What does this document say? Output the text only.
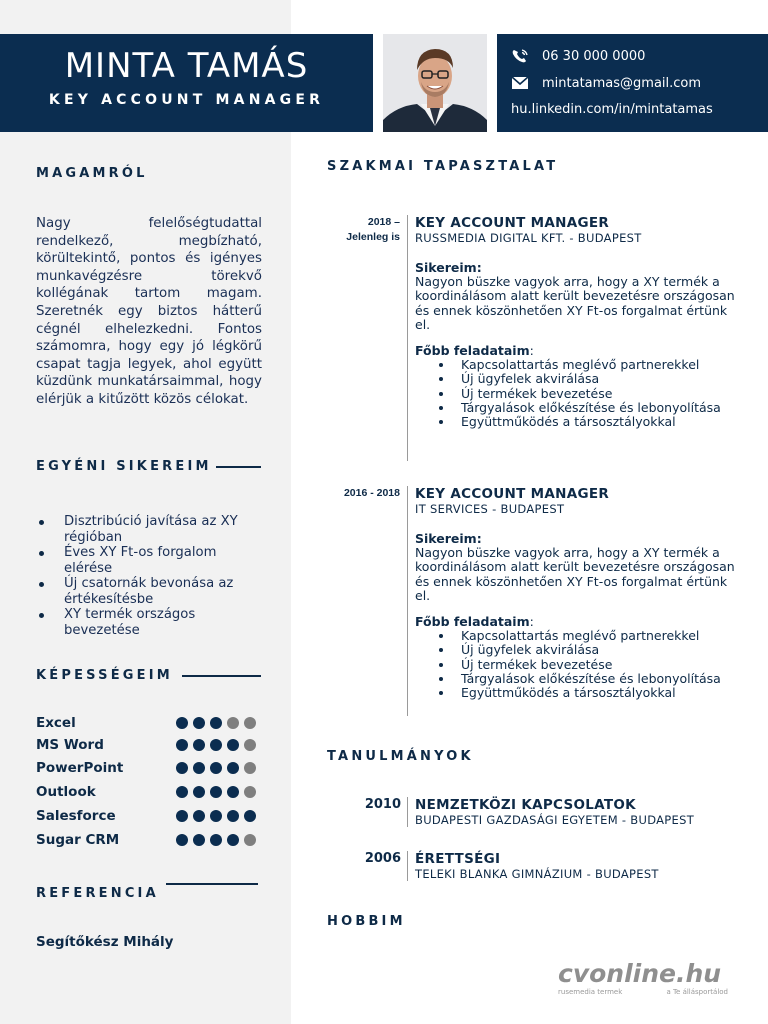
MINTA TAMÁS
KEY ACCOUNT MANAGER
06 30 000 0000
mintatamas@gmail.com
hu.linkedin.com/in/mintatamas
MAGAMRÓL
Nagy felelőségtudattal rendelkező, megbízható, körültekintő, pontos és igényes munkavégzésre törekvő kollégának tartom magam. Szeretnék egy biztos hátterű cégnél elhelezkedni. Fontos számomra, hogy egy jó légkörű csapat tagja legyek, ahol együtt küzdünk munkatársaimmal, hogy elérjük a kitűzött közös célokat.
EGYÉNI SIKEREIM
Disztribúció javítása az XY régióban
Éves XY Ft-os forgalom elérése
Új csatornák bevonása az értékesítésbe
XY termék országos bevezetése
KÉPESSÉGEIM
Excel
MS Word
PowerPoint
Outlook
Salesforce
Sugar CRM
REFERENCIA
Segítőkész Mihály
SZAKMAI TAPASZTALAT
2018 –
Jelenleg is
KEY ACCOUNT MANAGER
RUSSMEDIA DIGITAL KFT. - BUDAPEST
Sikereim:
Nagyon büszke vagyok arra, hogy a XY termék a koordinálásom alatt került bevezetésre országosan és ennek köszönhetően XY Ft-os forgalmat értünk el.
Főbb feladataim:
Kapcsolattartás meglévő partnerekkel
Új ügyfelek akvirálása
Új termékek bevezetése
Tárgyalások előkészítése és lebonyolítása
Együttműködés a társosztályokkal
2016 - 2018 KEY ACCOUNT MANAGER
IT SERVICES - BUDAPEST
Sikereim:
Nagyon büszke vagyok arra, hogy a XY termék a koordinálásom alatt került bevezetésre országosan és ennek köszönhetően XY Ft-os forgalmat értünk el.
Főbb feladataim:
Kapcsolattartás meglévő partnerekkel
Új ügyfelek akvirálása
Új termékek bevezetése
Tárgyalások előkészítése és lebonyolítása
Együttműködés a társosztályokkal
TANULMÁNYOK
2010 NEMZETKÖZI KAPCSOLATOK
BUDAPESTI GAZDASÁGI EGYETEM - BUDAPEST
2006 ÉRETTSÉGI
TELEKI BLANKA GIMNÁZIUM - BUDAPEST
HOBBIM
cvonline.hu
rusemedia termek	a Te állásportálod
